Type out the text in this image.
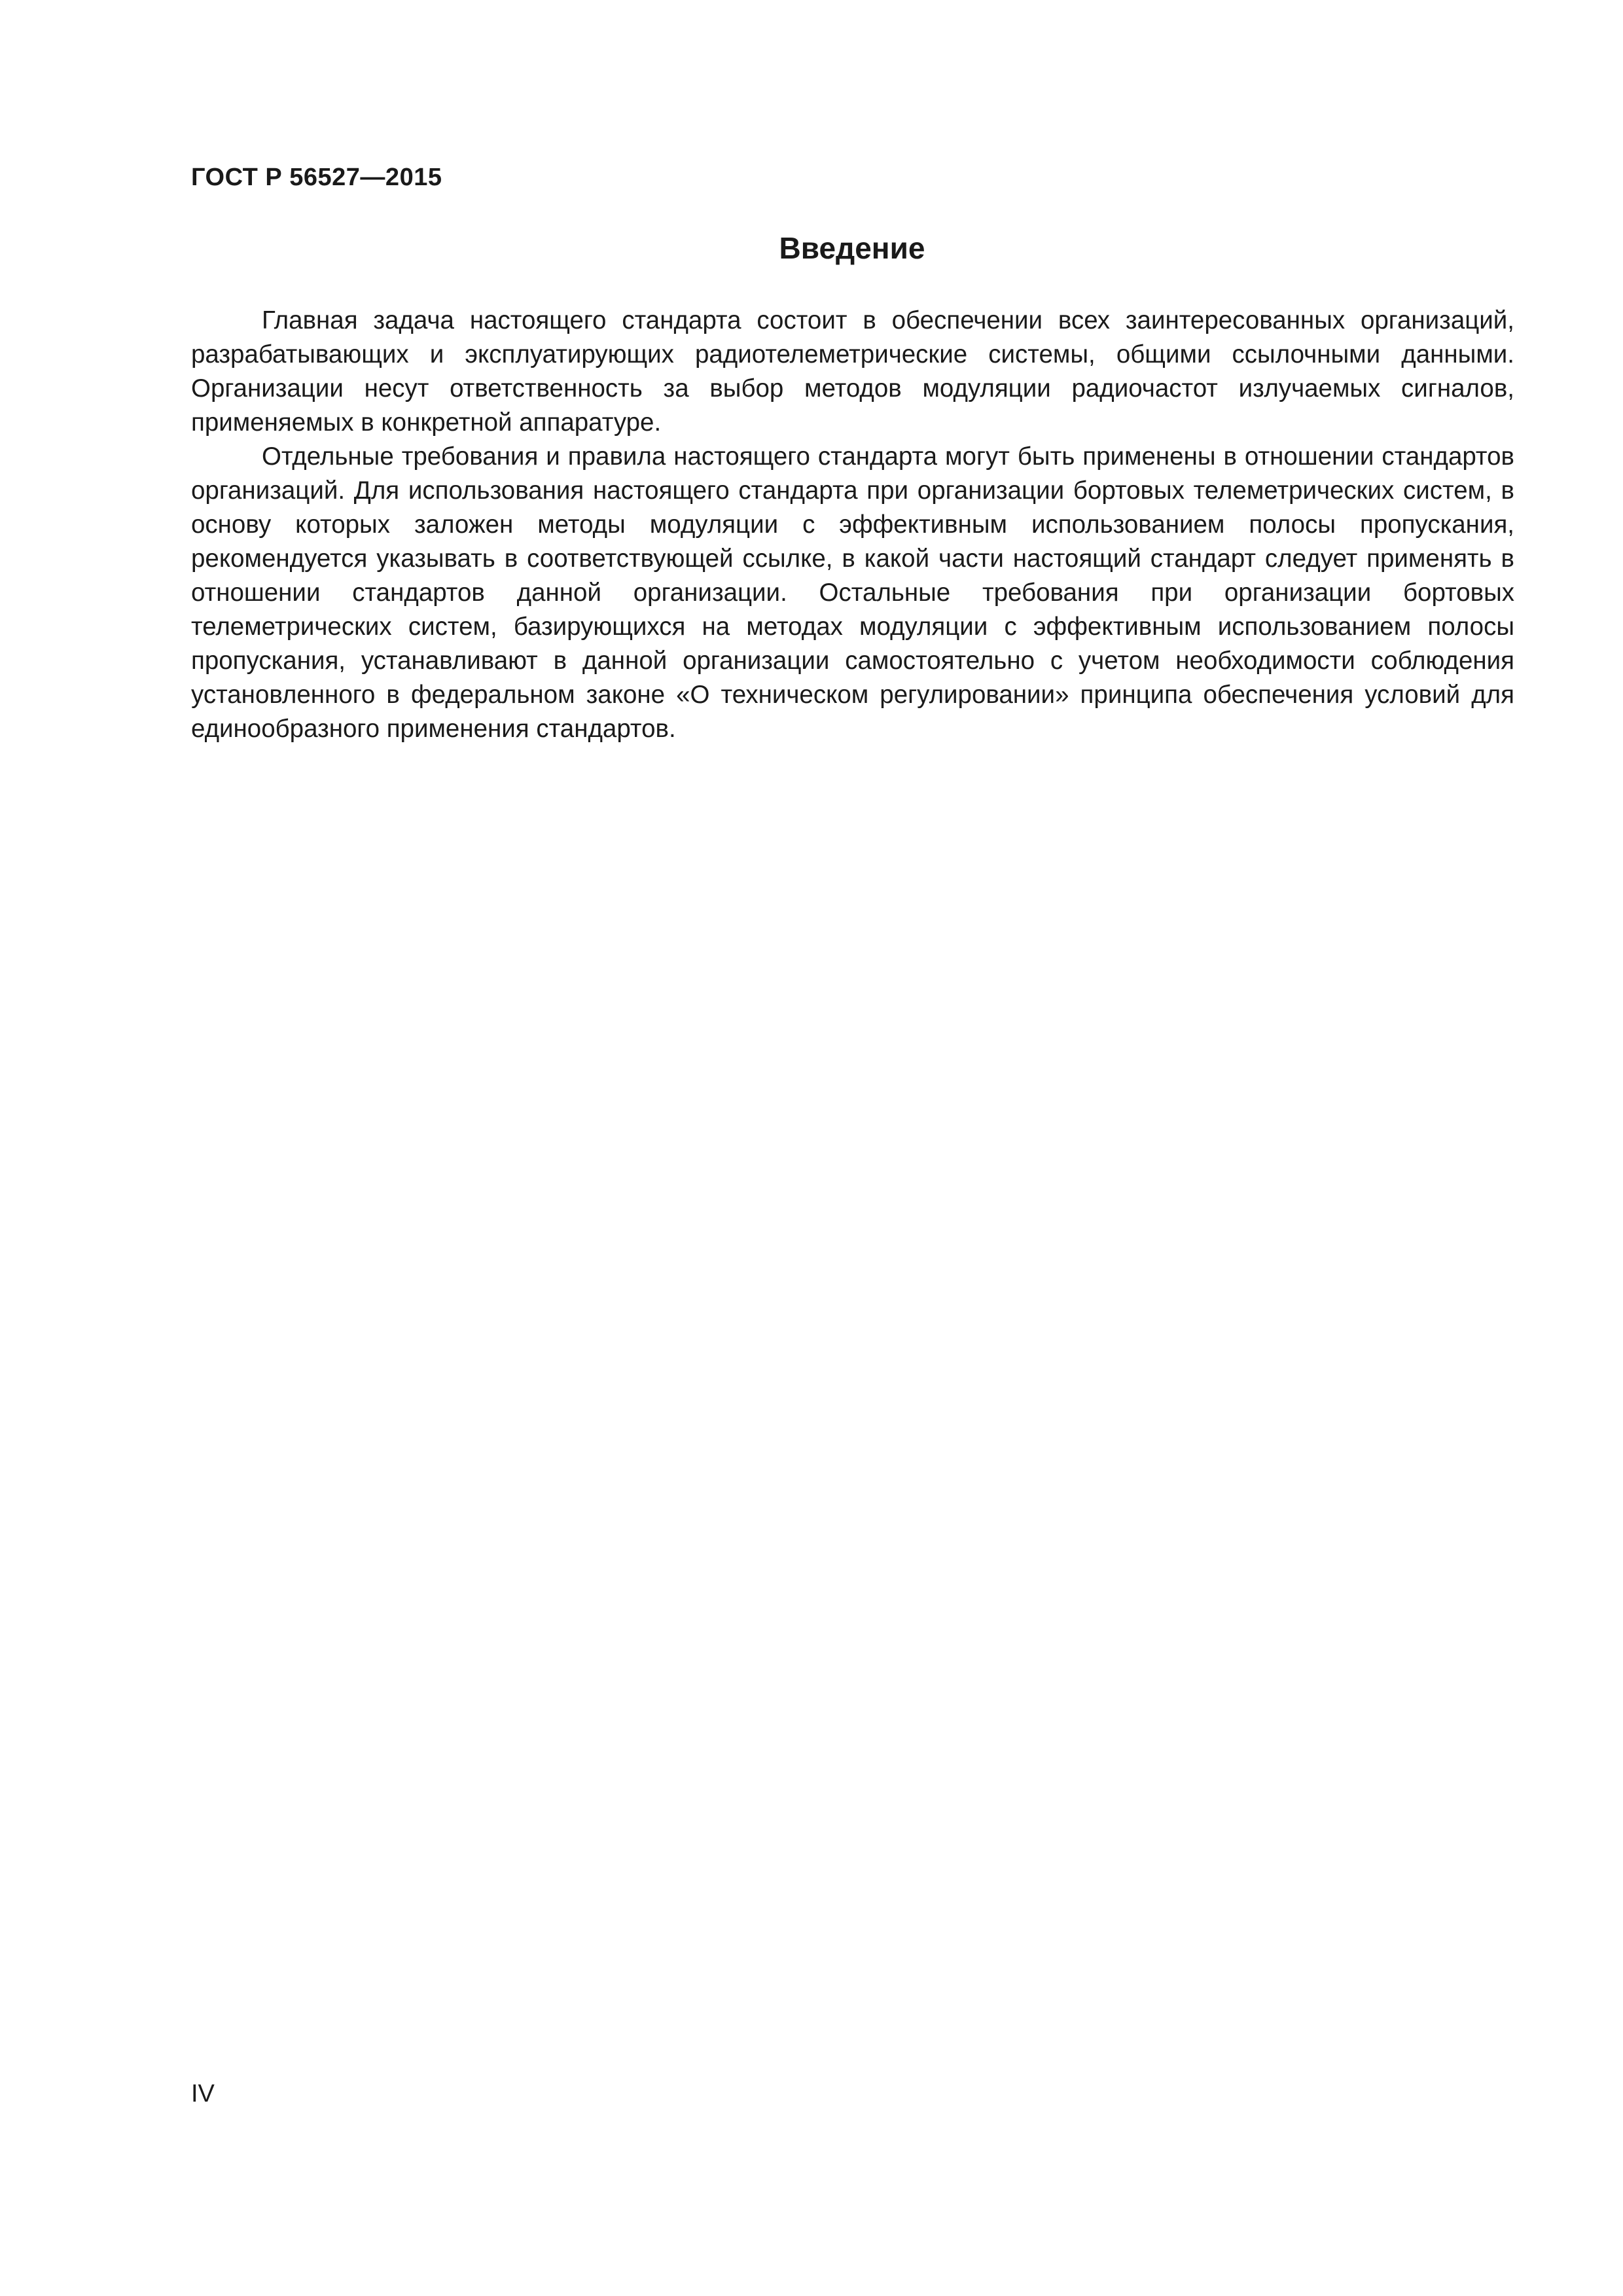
ГОСТ Р 56527—2015
Введение

Главная задача настоящего стандарта состоит в обеспечении всех заинтересованных организаций, разрабатывающих и эксплуатирующих радиотелеметрические системы, общими ссылочными данными. Организации несут ответственность за выбор методов модуляции радиочастот излучаемых сигналов, применяемых в конкретной аппаратуре.

Отдельные требования и правила настоящего стандарта могут быть применены в отношении стандартов организаций. Для использования настоящего стандарта при организации бортовых телеметрических систем, в основу которых заложен методы модуляции с эффективным использованием полосы пропускания, рекомендуется указывать в соответствующей ссылке, в какой части настоящий стандарт следует применять в отношении стандартов данной организации. Остальные требования при организации бортовых телеметрических систем, базирующихся на методах модуляции с эффективным использованием полосы пропускания, устанавливают в данной организации самостоятельно с учетом необходимости соблюдения установленного в федеральном законе «О техническом регулировании» принципа обеспечения условий для единообразного применения стандартов.

IV
